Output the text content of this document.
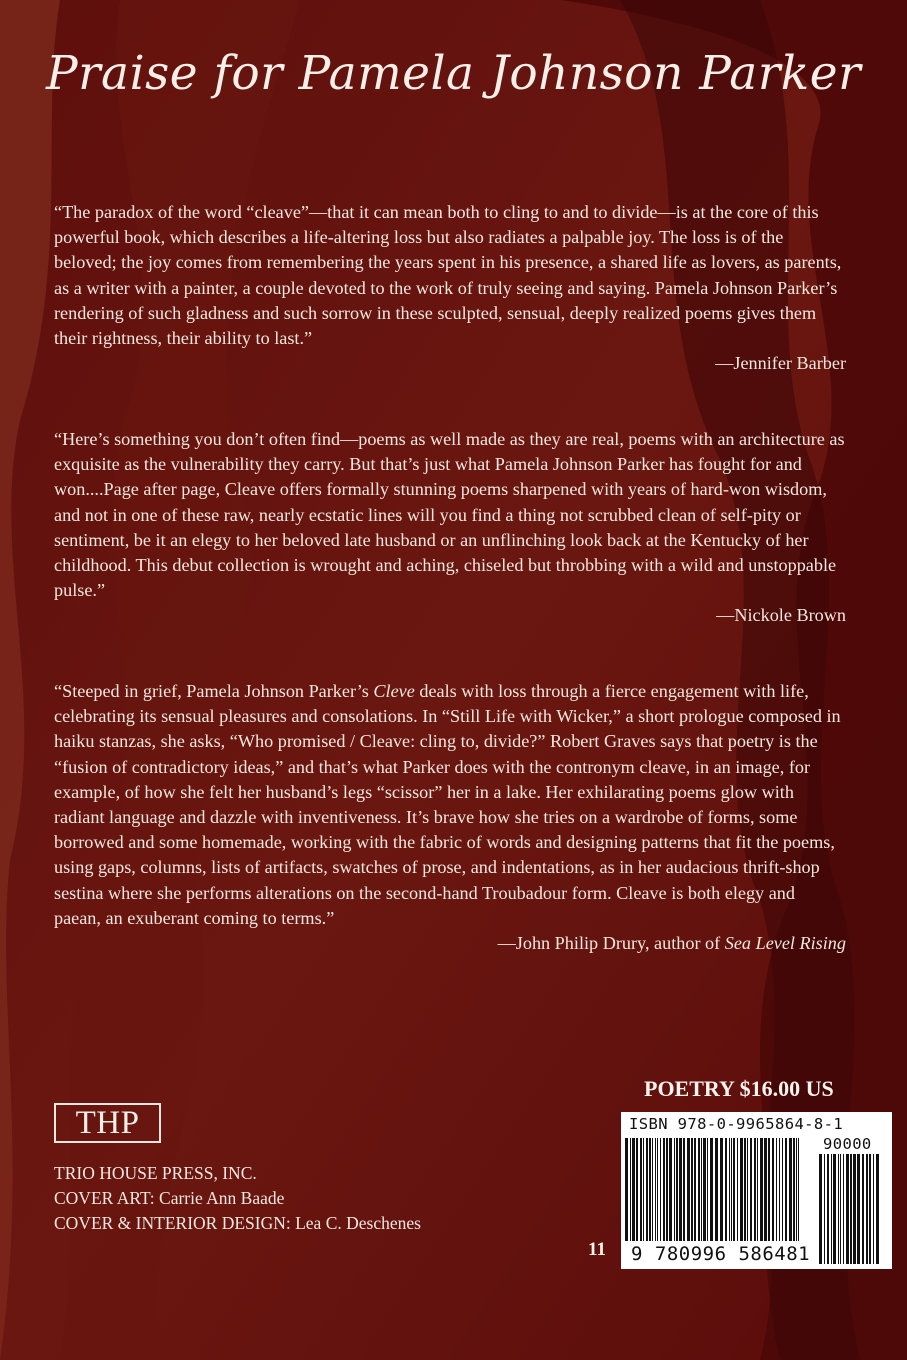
Praise for Pamela Johnson Parker

“The paradox of the word “cleave”—that it can mean both to cling to and to divide—is at the core of this powerful book, which describes a life-altering loss but also radiates a palpable joy. The loss is of the beloved; the joy comes from remembering the years spent in his presence, a shared life as lovers, as parents, as a writer with a painter, a couple devoted to the work of truly seeing and saying. Pamela Johnson Parker’s rendering of such gladness and such sorrow in these sculpted, sensual, deeply realized poems gives them their rightness, their ability to last.”

—Jennifer Barber

“Here’s something you don’t often find—poems as well made as they are real, poems with an architecture as exquisite as the vulnerability they carry. But that’s just what Pamela Johnson Parker has fought for and won....Page after page, Cleave offers formally stunning poems sharpened with years of hard-won wisdom, and not in one of these raw, nearly ecstatic lines will you find a thing not scrubbed clean of self-pity or sentiment, be it an elegy to her beloved late husband or an unflinching look back at the Kentucky of her childhood. This debut collection is wrought and aching, chiseled but throbbing with a wild and unstoppable pulse.”

—Nickole Brown

“Steeped in grief, Pamela Johnson Parker’s Cleve deals with loss through a fierce engagement with life, celebrating its sensual pleasures and consolations. In “Still Life with Wicker,” a short prologue composed in haiku stanzas, she asks, “Who promised / Cleave: cling to, divide?” Robert Graves says that poetry is the “fusion of contradictory ideas,” and that’s what Parker does with the contronym cleave, in an image, for example, of how she felt her husband’s legs “scissor” her in a lake. Her exhilarating poems glow with radiant language and dazzle with inventiveness. It’s brave how she tries on a wardrobe of forms, some borrowed and some homemade, working with the fabric of words and designing patterns that fit the poems, using gaps, columns, lists of artifacts, swatches of prose, and indentations, as in her audacious thrift-shop sestina where she performs alterations on the second-hand Troubadour form. Cleave is both elegy and paean, an exuberant coming to terms.”

—John Philip Drury, author of Sea Level Rising

THP
TRIO HOUSE PRESS, INC.
COVER ART: Carrie Ann Baade
COVER & INTERIOR DESIGN: Lea C. Deschenes
POETRY $16.00 US
11
ISBN 978-0-9965864-8-1
90000
9 780996 586481
